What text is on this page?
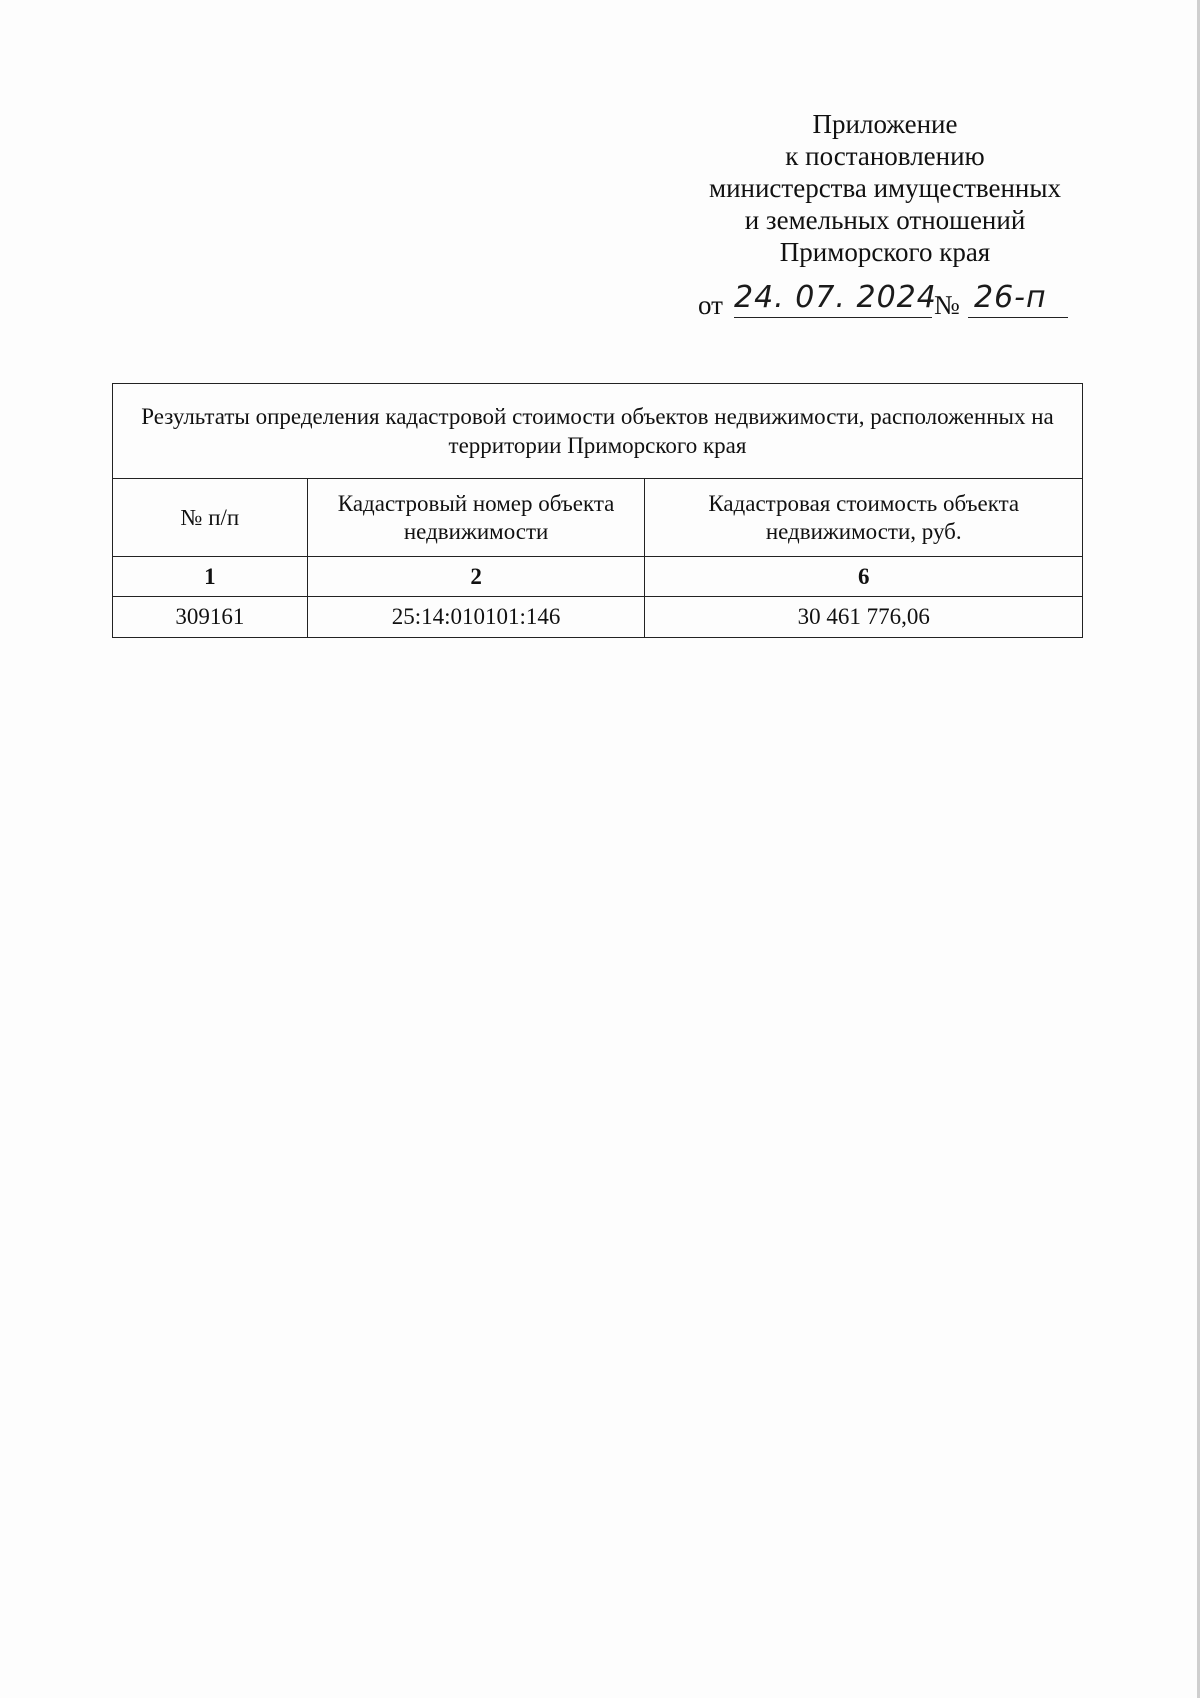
Приложение
к постановлению
министерства имущественных
и земельных отношений
Приморского края
от 24. 07. 2024
№ 26-п
Результаты определения кадастровой стоимости объектов недвижимости, расположенных на территории Приморского края		
№ п/п	Кадастровый номер объекта недвижимости	Кадастровая стоимость объекта недвижимости, руб.
1	2	6
309161	25:14:010101:146	30 461 776,06
